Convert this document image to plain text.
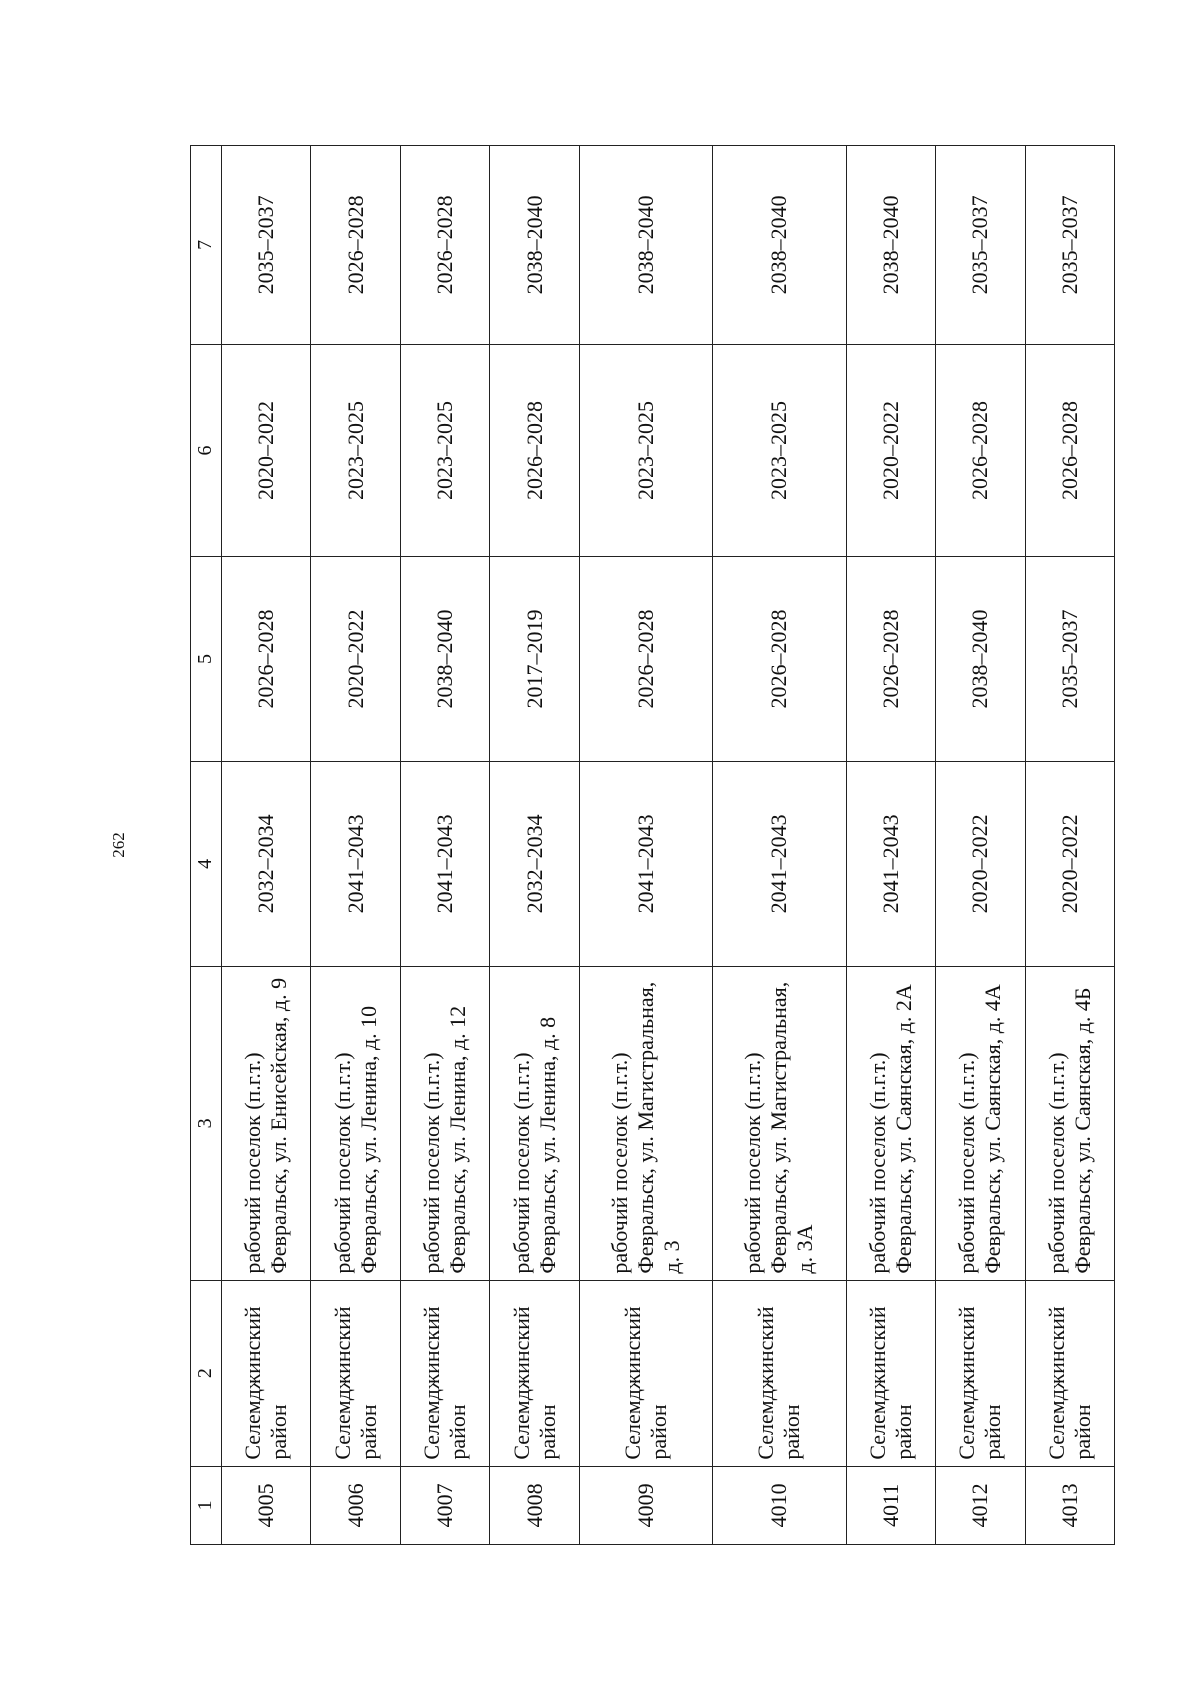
262
1	2	3	4	5	6	7
4005	Селемджинский район	рабочий поселок (п.г.т.) Февральск, ул. Енисейская, д. 9	2032–2034	2026–2028	2020–2022	2035–2037
4006	Селемджинский район	рабочий поселок (п.г.т.) Февральск, ул. Ленина, д. 10	2041–2043	2020–2022	2023–2025	2026–2028
4007	Селемджинский район	рабочий поселок (п.г.т.) Февральск, ул. Ленина, д. 12	2041–2043	2038–2040	2023–2025	2026–2028
4008	Селемджинский район	рабочий поселок (п.г.т.) Февральск, ул. Ленина, д. 8	2032–2034	2017–2019	2026–2028	2038–2040
4009	Селемджинский район	рабочий поселок (п.г.т.) Февральск, ул. Магистральная, д. 3	2041–2043	2026–2028	2023–2025	2038–2040
4010	Селемджинский район	рабочий поселок (п.г.т.) Февральск, ул. Магистральная, д. 3А	2041–2043	2026–2028	2023–2025	2038–2040
4011	Селемджинский район	рабочий поселок (п.г.т.) Февральск, ул. Саянская, д. 2А	2041–2043	2026–2028	2020–2022	2038–2040
4012	Селемджинский район	рабочий поселок (п.г.т.) Февральск, ул. Саянская, д. 4А	2020–2022	2038–2040	2026–2028	2035–2037
4013	Селемджинский район	рабочий поселок (п.г.т.) Февральск, ул. Саянская, д. 4Б	2020–2022	2035–2037	2026–2028	2035–2037
